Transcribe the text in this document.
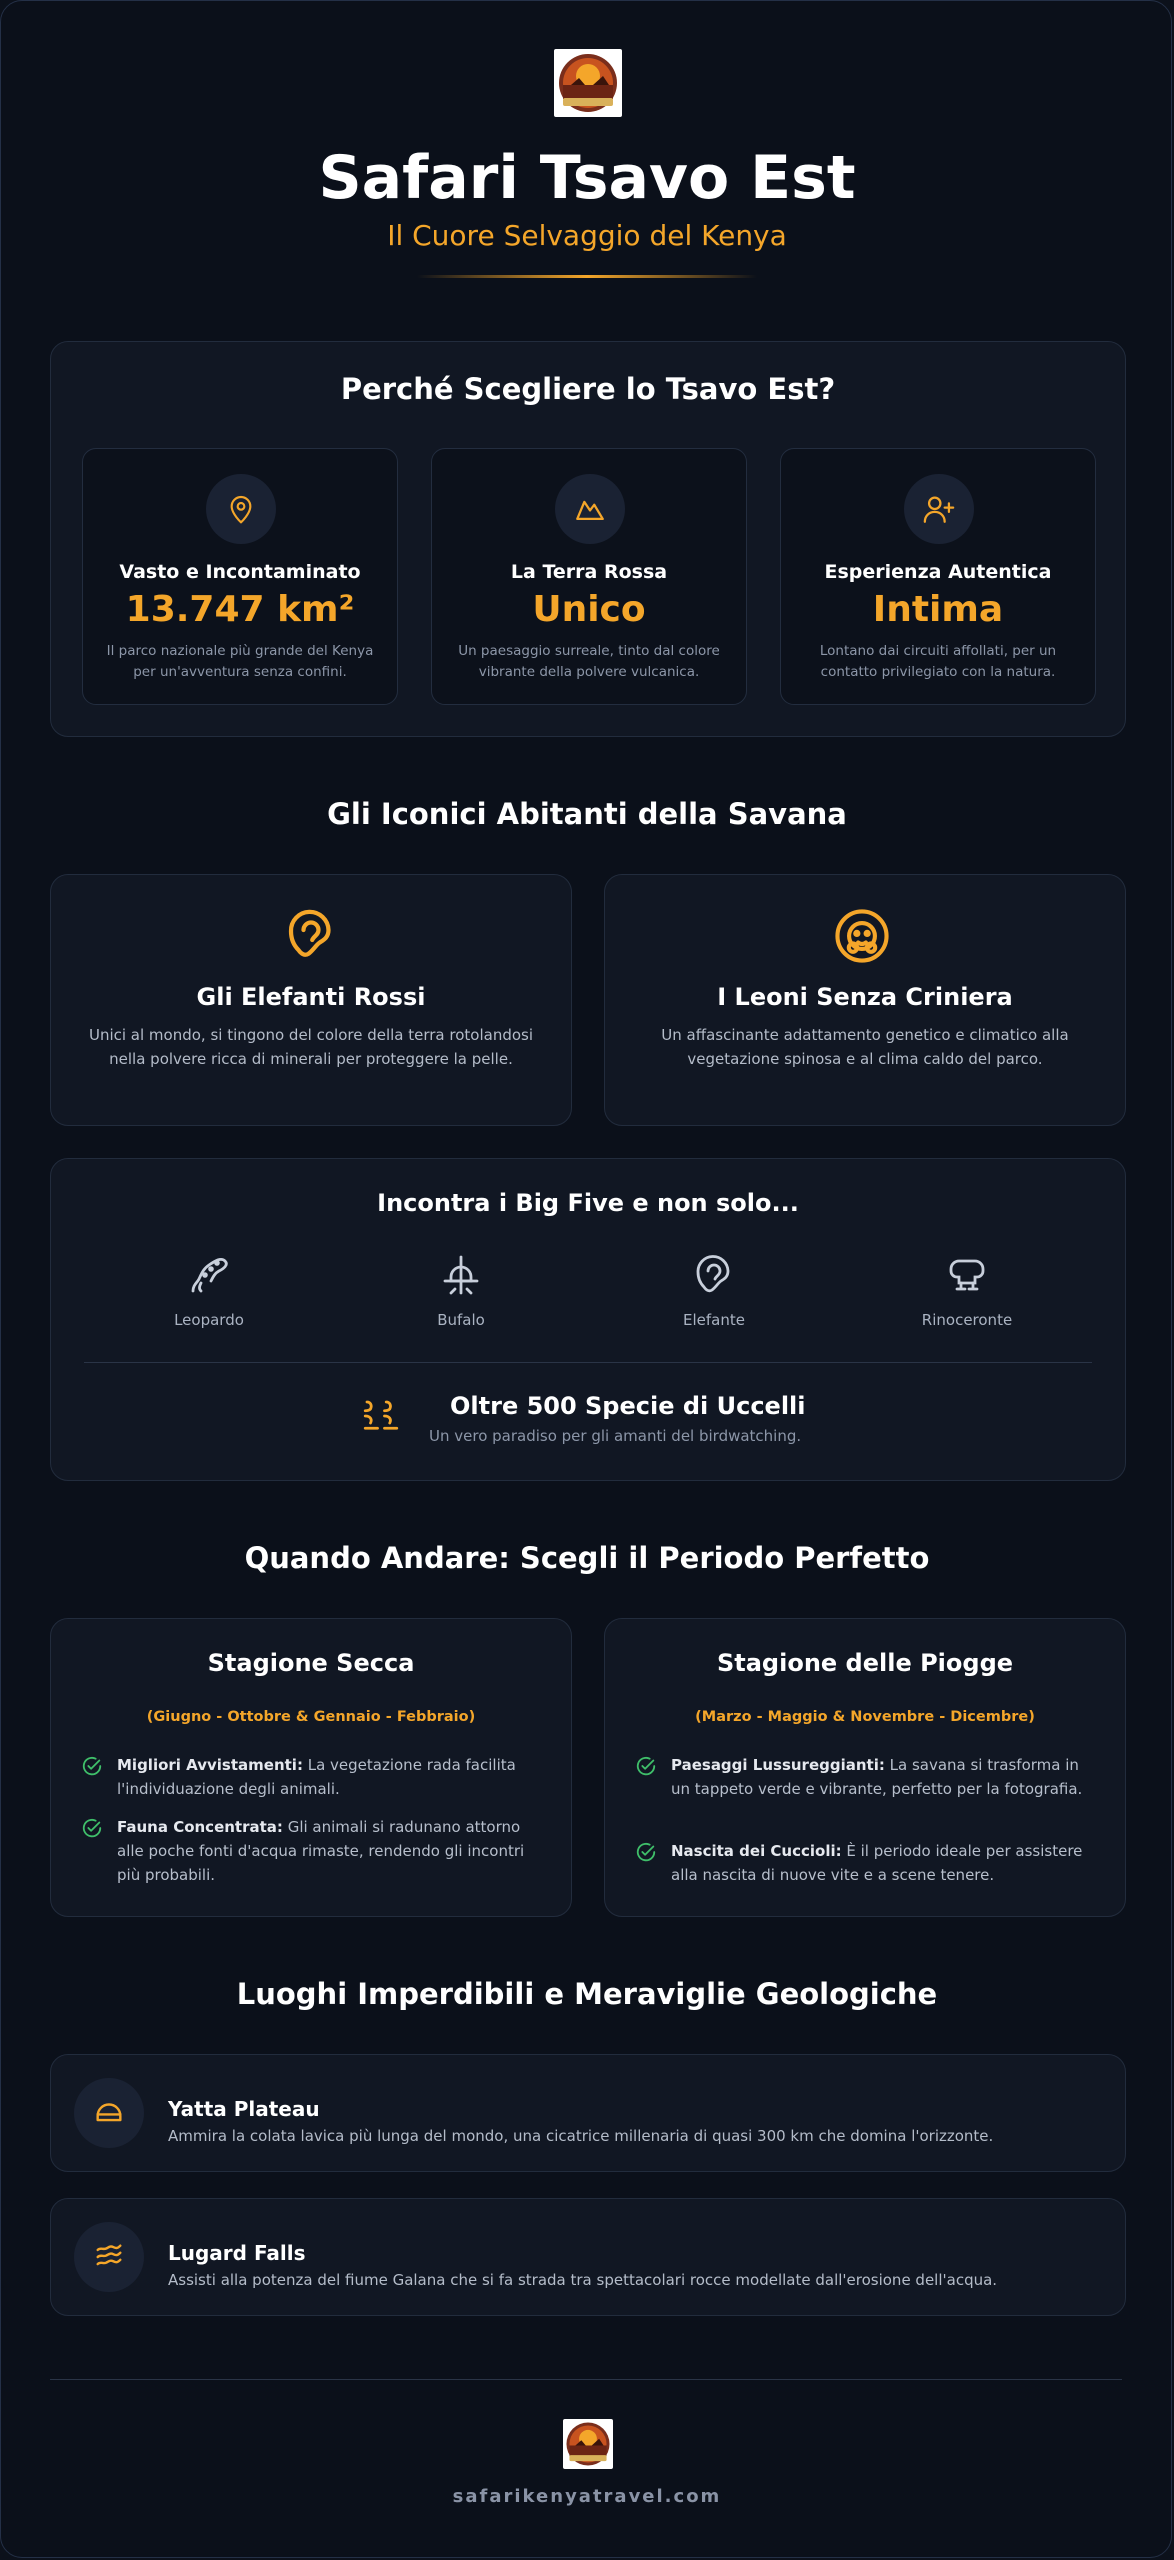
Safari Tsavo Est
Il Cuore Selvaggio del Kenya
Perché Scegliere lo Tsavo Est?
Vasto e Incontaminato
13.747 km²
Il parco nazionale più grande del Kenya per un'avventura senza confini.
La Terra Rossa
Unico
Un paesaggio surreale, tinto dal colore vibrante della polvere vulcanica.
Esperienza Autentica
Intima
Lontano dai circuiti affollati, per un contatto privilegiato con la natura.
Gli Iconici Abitanti della Savana
Gli Elefanti Rossi
Unici al mondo, si tingono del colore della terra rotolandosi nella polvere ricca di minerali per proteggere la pelle.
I Leoni Senza Criniera
Un affascinante adattamento genetico e climatico alla vegetazione spinosa e al clima caldo del parco.
Incontra i Big Five e non solo...
Leopardo	Bufalo	Elefante	Rinoceronte
Oltre 500 Specie di Uccelli
Un vero paradiso per gli amanti del birdwatching.
Quando Andare: Scegli il Periodo Perfetto
Stagione Secca
(Giugno - Ottobre & Gennaio - Febbraio)
Migliori Avvistamenti: La vegetazione rada facilita l'individuazione degli animali.
Fauna Concentrata: Gli animali si radunano attorno alle poche fonti d'acqua rimaste, rendendo gli incontri più probabili.
Stagione delle Piogge
(Marzo - Maggio & Novembre - Dicembre)
Paesaggi Lussureggianti: La savana si trasforma in un tappeto verde e vibrante, perfetto per la fotografia.
Nascita dei Cuccioli: È il periodo ideale per assistere alla nascita di nuove vite e a scene tenere.
Luoghi Imperdibili e Meraviglie Geologiche
Yatta Plateau
Ammira la colata lavica più lunga del mondo, una cicatrice millenaria di quasi 300 km che domina l'orizzonte.
Lugard Falls
Assisti alla potenza del fiume Galana che si fa strada tra spettacolari rocce modellate dall'erosione dell'acqua.
safarikenyatravel.com
